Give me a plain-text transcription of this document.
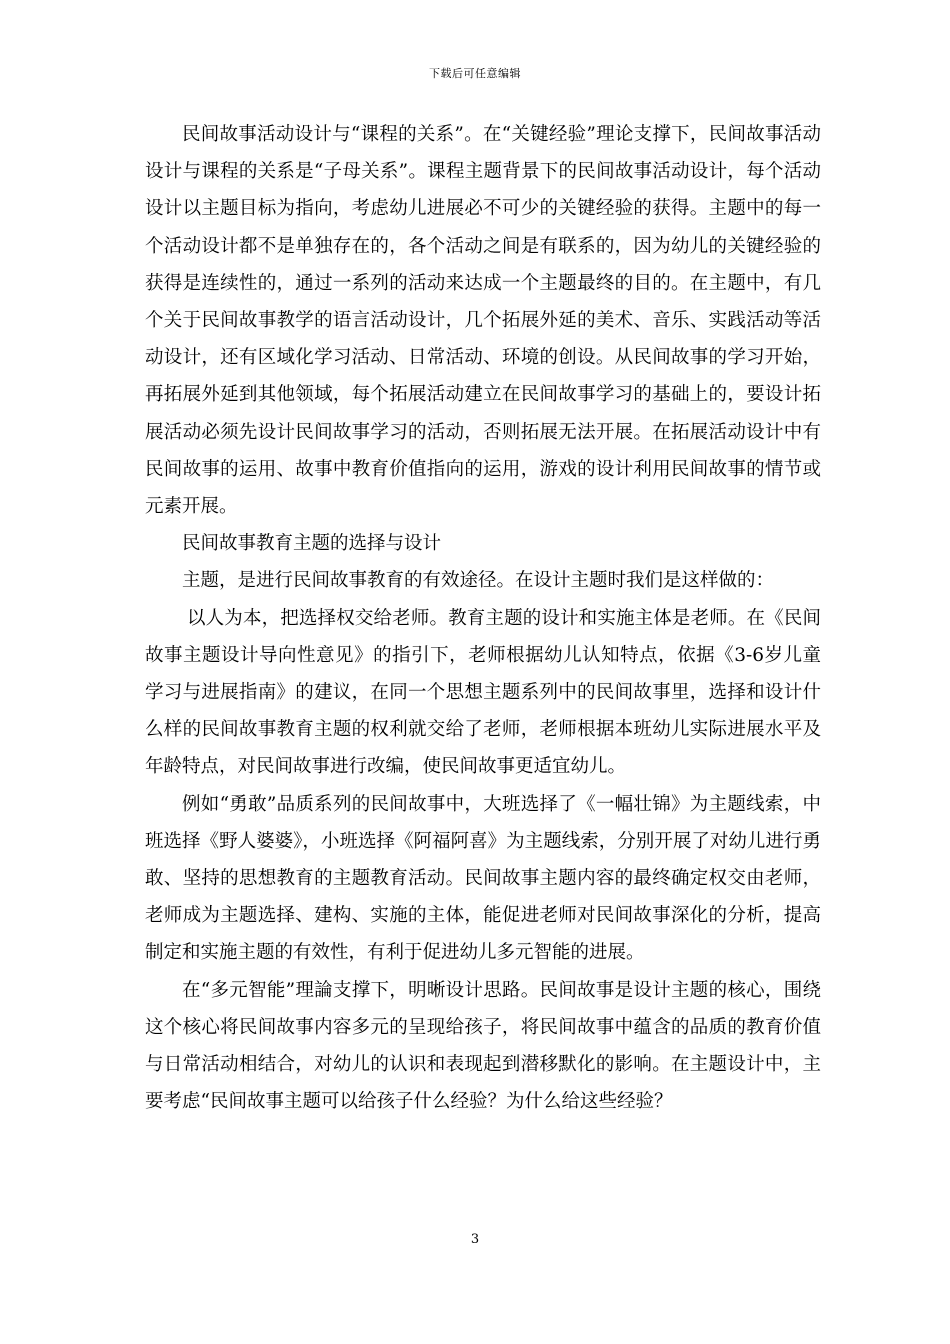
下载后可任意编辑

民间故事活动设计与“课程的关系”。在“关键经验”理论支撑下，民间故事活动设计与课程的关系是“子母关系”。课程主题背景下的民间故事活动设计，每个活动设计以主题目标为指向，考虑幼儿进展必不可少的关键经验的获得。主题中的每一个活动设计都不是单独存在的，各个活动之间是有联系的，因为幼儿的关键经验的获得是连续性的，通过一系列的活动来达成一个主题最终的目的。在主题中，有几个关于民间故事教学的语言活动设计，几个拓展外延的美术、音乐、实践活动等活动设计，还有区域化学习活动、日常活动、环境的创设。从民间故事的学习开始，再拓展外延到其他领域，每个拓展活动建立在民间故事学习的基础上的，要设计拓展活动必须先设计民间故事学习的活动，否则拓展无法开展。在拓展活动设计中有民间故事的运用、故事中教育价值指向的运用，游戏的设计利用民间故事的情节或元素开展。

民间故事教育主题的选择与设计

主题，是进行民间故事教育的有效途径。在设计主题时我们是这样做的：

以人为本，把选择权交给老师。教育主题的设计和实施主体是老师。在《民间故事主题设计导向性意见》的指引下，老师根据幼儿认知特点，依据《3-6岁儿童学习与进展指南》的建议，在同一个思想主题系列中的民间故事里，选择和设计什么样的民间故事教育主题的权利就交给了老师，老师根据本班幼儿实际进展水平及年龄特点，对民间故事进行改编，使民间故事更适宜幼儿。

例如“勇敢”品质系列的民间故事中，大班选择了《一幅壮锦》为主题线索，中班选择《野人婆婆》，小班选择《阿福阿喜》为主题线索，分别开展了对幼儿进行勇敢、坚持的思想教育的主题教育活动。民间故事主题内容的最终确定权交由老师，老师成为主题选择、建构、实施的主体，能促进老师对民间故事深化的分析，提高制定和实施主题的有效性，有利于促进幼儿多元智能的进展。

在“多元智能”理論支撑下，明晰设计思路。民间故事是设计主题的核心，围绕这个核心将民间故事内容多元的呈现给孩子，将民间故事中蕴含的品质的教育价值与日常活动相结合，对幼儿的认识和表现起到潜移默化的影响。在主题设计中，主要考虑“民间故事主题可以给孩子什么经验？为什么给这些经验？

3
